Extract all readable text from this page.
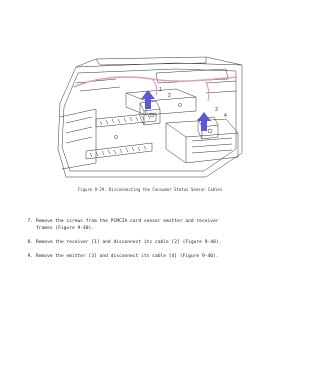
1
2
3
4
Figure 9-29. Disconnecting the Consumer Status Sensor Cables
7. Remove the screws from the PCMCIA card sensor emitter and receiver
frames (Figure 9-40).
8. Remove the receiver [1] and disconnect its cable [2] (Figure 9-40).
9. Remove the emitter [3] and disconnect its cable [4] (Figure 9-40).
